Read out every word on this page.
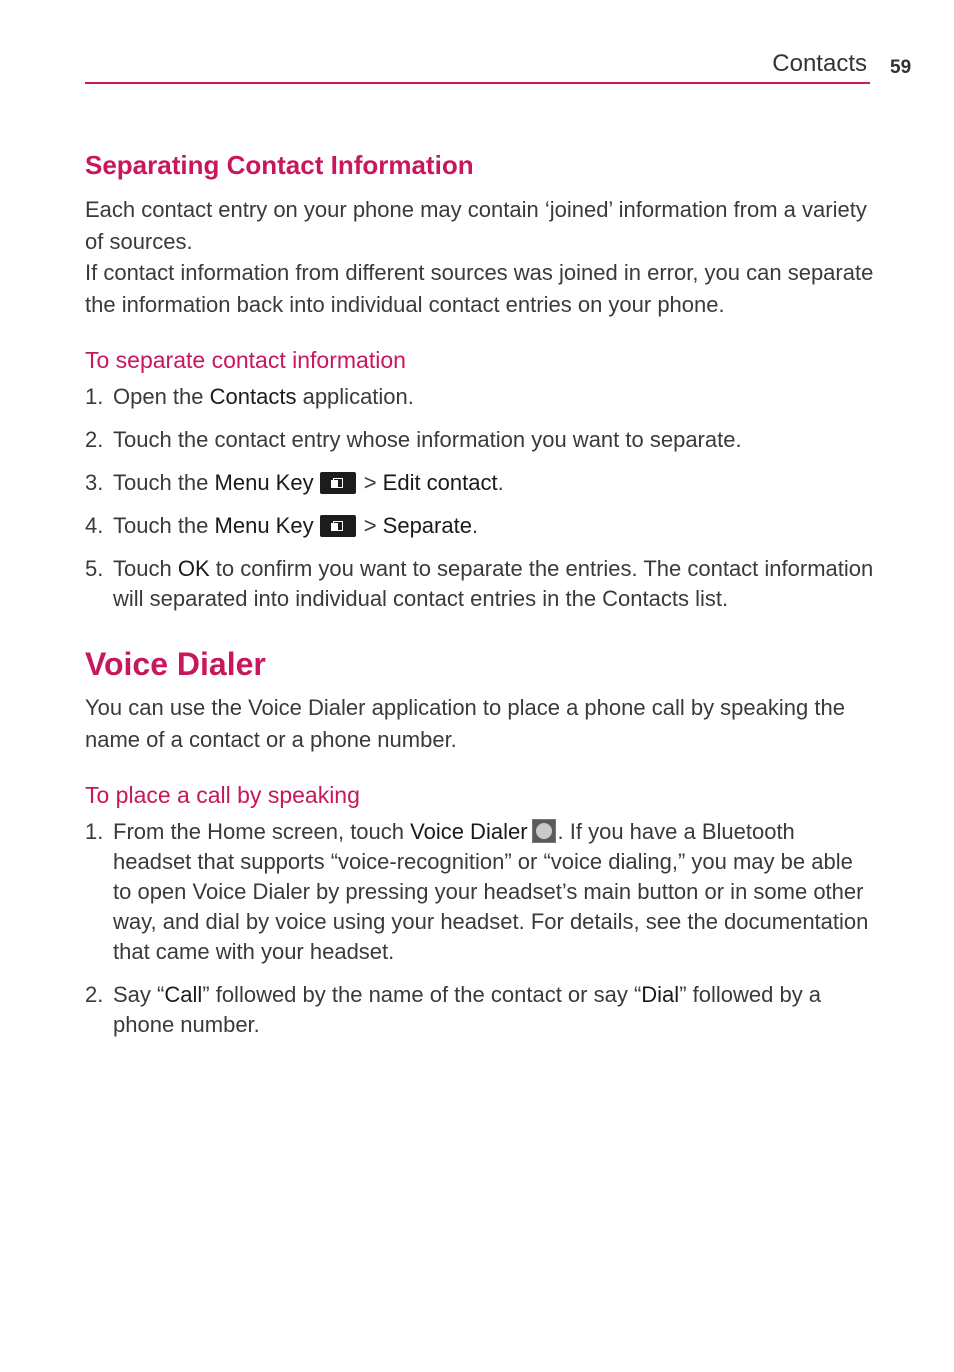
Contacts 59
Separating Contact Information

Each contact entry on your phone may contain ‘joined’ information from a variety of sources.

If contact information from different sources was joined in error, you can separate the information back into individual contact entries on your phone.

To separate contact information
1. Open the Contacts application.
2. Touch the contact entry whose information you want to separate.
3. Touch the Menu Key > Edit contact.
4. Touch the Menu Key > Separate.
5. Touch OK to confirm you want to separate the entries. The contact information will separated into individual contact entries in the Contacts list.
Voice Dialer

You can use the Voice Dialer application to place a phone call by speaking the name of a contact or a phone number.

To place a call by speaking
1. From the Home screen, touch Voice Dialer . If you have a Bluetooth headset that supports “voice-recognition” or “voice dialing,” you may be able to open Voice Dialer by pressing your headset’s main button or in some other way, and dial by voice using your headset. For details, see the documentation that came with your headset.
2. Say “Call” followed by the name of the contact or say “Dial” followed by a phone number.
